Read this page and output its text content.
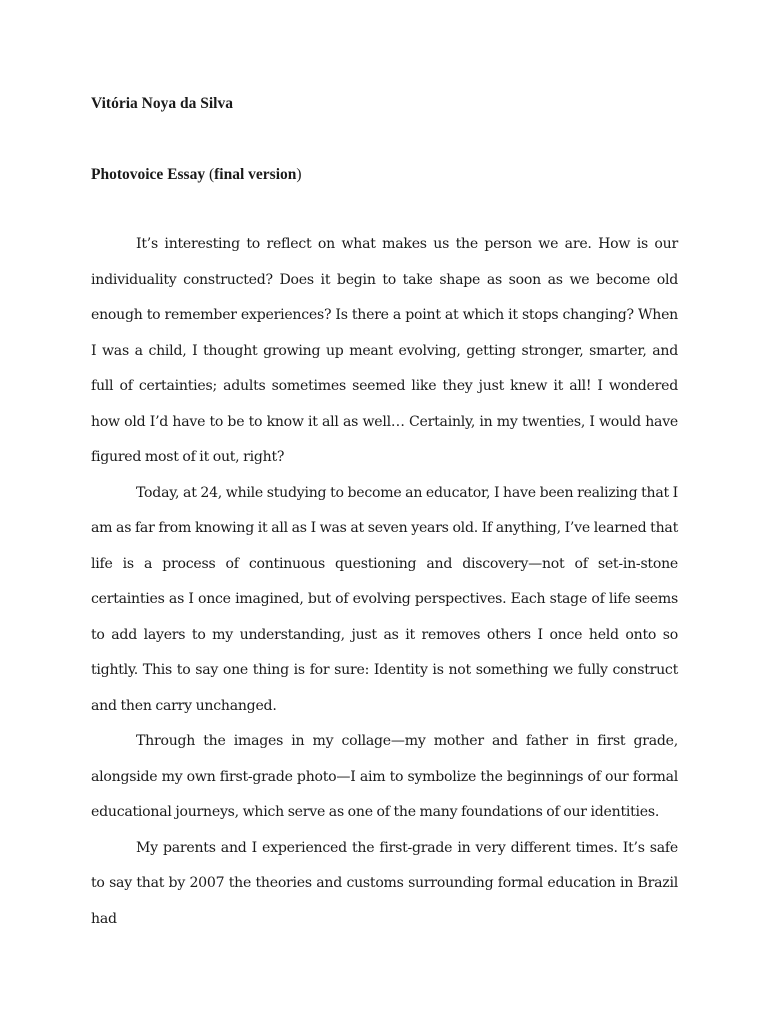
Vitória Noya da Silva

Photovoice Essay (final version)

It’s interesting to reflect on what makes us the person we are. How is our individuality constructed? Does it begin to take shape as soon as we become old enough to remember experiences? Is there a point at which it stops changing? When I was a child, I thought growing up meant evolving, getting stronger, smarter, and full of certainties; adults sometimes seemed like they just knew it all! I wondered how old I’d have to be to know it all as well… Certainly, in my twenties, I would have figured most of it out, right?

Today, at 24, while studying to become an educator, I have been realizing that I am as far from knowing it all as I was at seven years old. If anything, I’ve learned that life is a process of continuous questioning and discovery—not of set-in-stone certainties as I once imagined, but of evolving perspectives. Each stage of life seems to add layers to my understanding, just as it removes others I once held onto so tightly. This to say one thing is for sure: Identity is not something we fully construct and then carry unchanged.

Through the images in my collage—my mother and father in first grade, alongside my own first-grade photo—I aim to symbolize the beginnings of our formal educational journeys, which serve as one of the many foundations of our identities.

My parents and I experienced the first-grade in very different times. It’s safe to say that by 2007 the theories and customs surrounding formal education in Brazil had
